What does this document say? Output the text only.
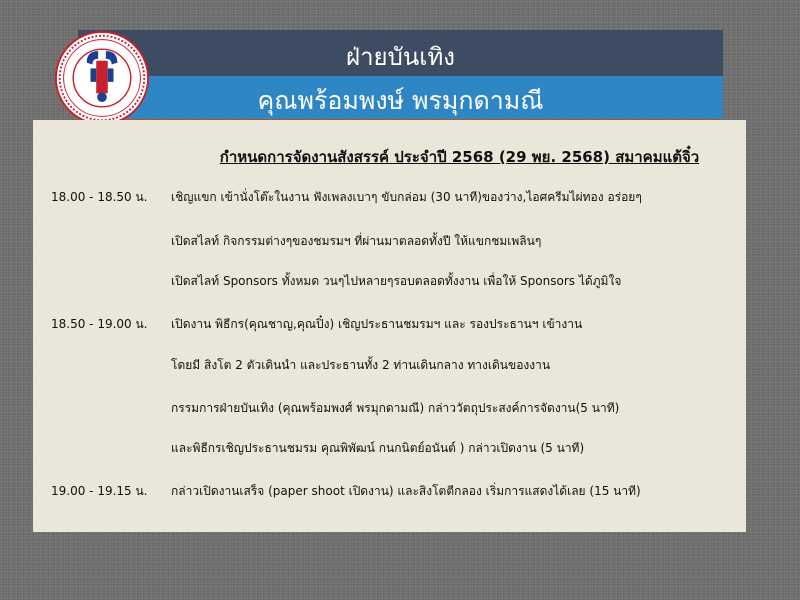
ฝ่ายบันเทิง
คุณพร้อมพงษ์ พรมุกดามณี
กำหนดการจัดงานสังสรรค์ ประจำปี 2568 (29 พย. 2568) สมาคมแต้จิ๋ว
18.00 - 18.50 น. เชิญแขก เข้านั่งโต๊ะในงาน ฟังเพลงเบาๆ ขับกล่อม (30 นาที)ของว่าง,ไอศครีมไผ่ทอง อร่อยๆ
เปิดสไลท์ กิจกรรมต่างๆของชมรมฯ ที่ผ่านมาตลอดทั้งปี ให้แขกชมเพลินๆ
เปิดสไลท์ Sponsors ทั้งหมด วนๆไปหลายๆรอบตลอดทั้งงาน เพื่อให้ Sponsors ได้ภูมิใจ
18.50 - 19.00 น. เปิดงาน พิธีกร(คุณชาญ,คุณปิ๋ง) เชิญประธานชมรมฯ และ รองประธานฯ เข้างาน
โดยมี สิงโต 2 ตัวเดินนำ และประธานทั้ง 2 ท่านเดินกลาง ทางเดินของงาน
กรรมการฝ่ายบันเทิง (คุณพร้อมพงศ์ พรมุกดามณี) กล่าววัตถุประสงค์การจัดงาน(5 นาที)
และพิธีกรเชิญประธานชมรม คุณพิพัฒน์ กนกนิตย์อนันต์ ) กล่าวเปิดงาน (5 นาที)
19.00 - 19.15 น. กล่าวเปิดงานเสร็จ (paper shoot เปิดงาน) และสิงโตตีกลอง เริ่มการแสดงได้เลย (15 นาที)
